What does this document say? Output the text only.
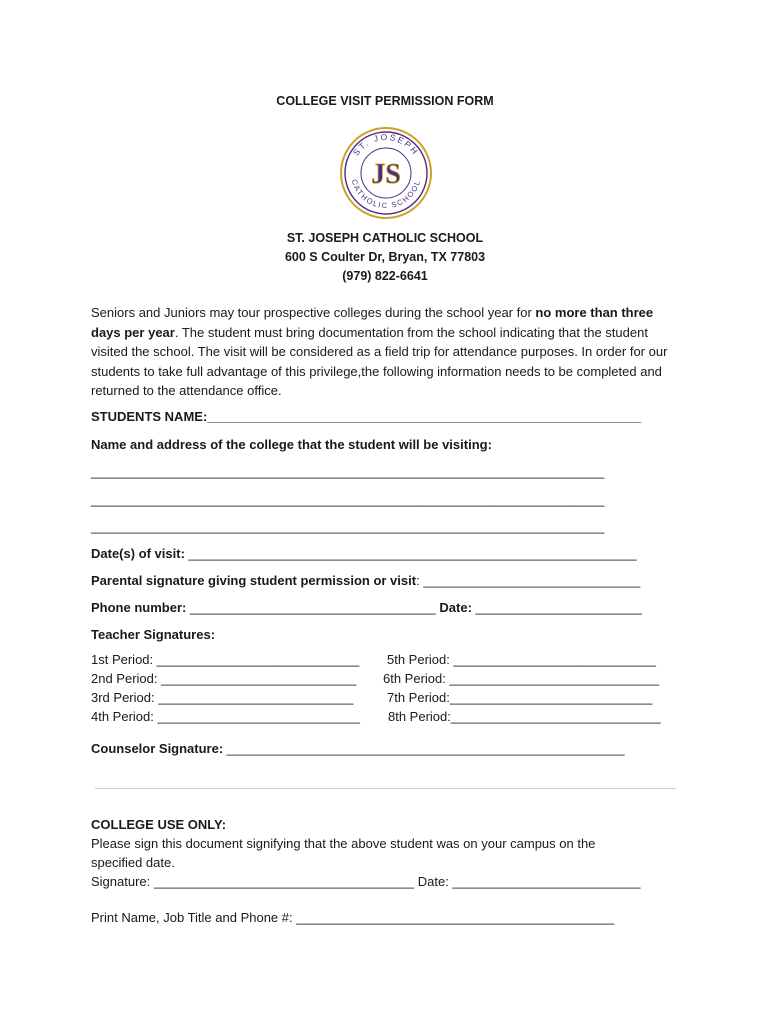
COLLEGE VISIT PERMISSION FORM
ST. JOSEPH
CATHOLIC SCHOOL
JS
ST. JOSEPH CATHOLIC SCHOOL
600 S Coulter Dr, Bryan, TX 77803
(979) 822-6641
Seniors and Juniors may tour prospective colleges during the school year for no more than three days per year. The student must bring documentation from the school indicating that the student visited the school. The visit will be considered as a field trip for attendance purposes. In order for our students to take full advantage of this privilege,the following information needs to be completed and returned to the attendance office.
STUDENTS NAME:____________________________________________________________
Name and address of the college that the student will be visiting:
_______________________________________________________________________
_______________________________________________________________________
_______________________________________________________________________
Date(s) of visit: ______________________________________________________________
Parental signature giving student permission or visit: ______________________________
Phone number: __________________________________ Date: _______________________
Teacher Signatures:
1st Period: ____________________________ 5th Period: ____________________________
2nd Period: ___________________________ 6th Period: _____________________________
3rd Period: ___________________________	7th Period:____________________________
4th Period: ____________________________ 8th Period:_____________________________
Counselor Signature: _______________________________________________________
COLLEGE USE ONLY:
Please sign this document signifying that the above student was on your campus on the
specified date.
Signature: ____________________________________ Date: __________________________
Print Name, Job Title and Phone #: ____________________________________________
